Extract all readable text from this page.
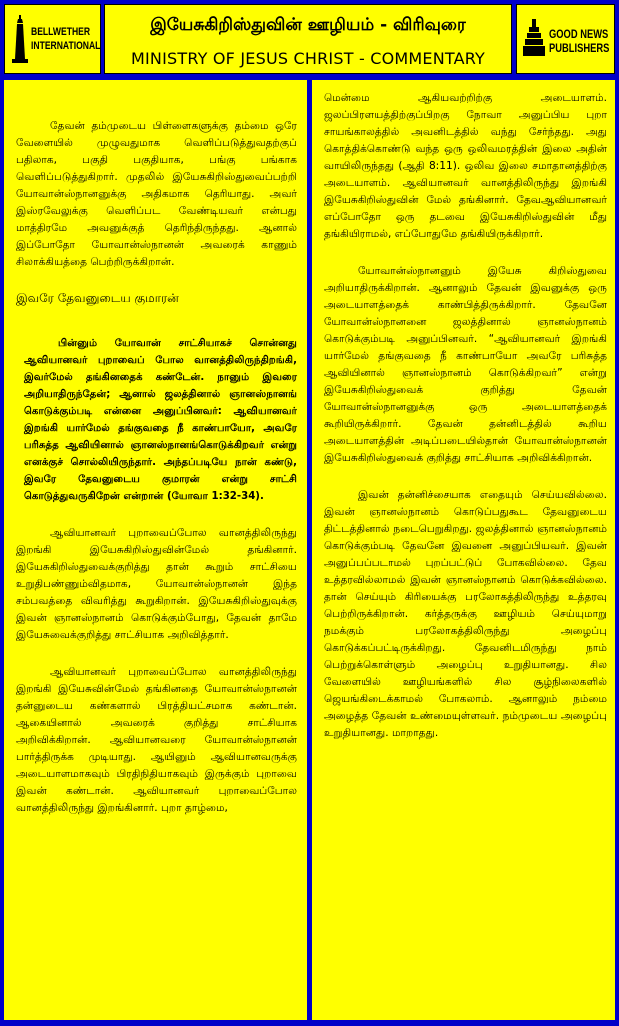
BELLWETHER
INTERNATIONAL
இயேசுகிறிஸ்துவின் ஊழியம் - விரிவுரை
MINISTRY OF JESUS CHRIST - COMMENTARY
GOOD NEWS
PUBLISHERS

தேவன் தம்முடைய பிள்ளைகளுக்கு தம்மை ஒரே வேளையில் முழுவதுமாக வெளிப்படுத்துவதற்குப் பதிலாக, பகுதி பகுதியாக, பங்கு பங்காக வெளிப்படுத்துகிறார். முதலில் இயேசுகிறிஸ்துவைப்பற்றி யோவான்ஸ்நானனுக்கு அதிகமாக தெரியாது. அவர் இஸ்ரவேலுக்கு வெளிப்பட வேண்டியவர் என்பது மாத்திரமே அவனுக்குத் தெரிந்திருந்தது. ஆனால் இப்போதோ யோவான்ஸ்நானன் அவரைக் காணும் சிலாக்கியத்தை பெற்றிருக்கிறான்.

இவரே தேவனுடைய குமாரன்

பின்னும் யோவான் சாட்சியாகச் சொன்னது ஆவியானவர் புறாவைப் போல வானத்திலிருந்திறங்கி, இவர்மேல் தங்கினதைக் கண்டேன். நானும் இவரை அறியாதிருந்தேன்; ஆனால் ஜலத்தினால் ஞானஸ்நானங் கொடுக்கும்படி என்னை அனுப்பினவர்: ஆவியானவர் இறங்கி யார்மேல் தங்குவதை நீ காண்பாயோ, அவரே பரிசுத்த ஆவியினால் ஞானஸ்நானங்கொடுக்கிறவர் என்று எனக்குச் சொல்லியிருந்தார். அந்தப்படியே நான் கண்டு, இவரே தேவனுடைய குமாரன் என்று சாட்சி கொடுத்துவருகிறேன் என்றான் (யோவா 1:32-34).

ஆவியானவர் புறாவைப்போல வானத்திலிருந்து இறங்கி இயேசுகிறிஸ்துவின்மேல் தங்கினார். இயேசுகிறிஸ்துவைக்குறித்து தான் கூறும் சாட்சியை உறுதிபண்ணும்விதமாக, யோவான்ஸ்நானன் இந்த சம்பவத்தை விவரித்து கூறுகிறான். இயேசுகிறிஸ்துவுக்கு இவன் ஞானஸ்நானம் கொடுக்கும்போது, தேவன் தாமே இயேசுவைக்குறித்து சாட்சியாக அறிவித்தார்.

ஆவியானவர் புறாவைப்போல வானத்திலிருந்து இறங்கி இயேசுவின்மேல் தங்கினதை யோவான்ஸ்நானன் தன்னுடைய கண்களால் பிரத்தியட்சமாக கண்டான். ஆகையினால் அவரைக் குறித்து சாட்சியாக அறிவிக்கிறான். ஆவியானவரை யோவான்ஸ்நானன் பார்த்திருக்க முடியாது. ஆயினும் ஆவியானவருக்கு அடையாளமாகவும் பிரதிநிதியாகவும் இருக்கும் புறாவை இவன் கண்டான். ஆவியானவர் புறாவைப்போல வானத்திலிருந்து இறங்கினார். புறா தாழ்மை,

மென்மை ஆகியவற்றிற்கு அடையாளம். ஜலப்பிரளயத்திற்குப்பிறகு நோவா அனுப்பிய புறா சாயங்காலத்தில் அவனிடத்தில் வந்து சேர்ந்தது. அது கொத்திக்கொண்டு வந்த ஒரு ஒலிவமரத்தின் இலை அதின் வாயிலிருந்தது (ஆதி 8:11). ஒலிவ இலை சமாதானத்திற்கு அடையாளம். ஆவியானவர் வானத்திலிருந்து இறங்கி இயேசுகிறிஸ்துவின் மேல் தங்கினார். தேவஆவியானவர் எப்போதோ ஒரு தடவை இயேசுகிறிஸ்துவின் மீது தங்கியிராமல், எப்போதுமே தங்கியிருக்கிறார்.

யோவான்ஸ்நானனும் இயேசு கிறிஸ்துவை அறியாதிருக்கிறான். ஆனாலும் தேவன் இவனுக்கு ஒரு அடையாளத்தைக் காண்பித்திருக்கிறார். தேவனே யோவான்ஸ்நானனை ஜலத்தினால் ஞானஸ்நானம் கொடுக்கும்படி அனுப்பினவர். “ஆவியானவர் இறங்கி யார்மேல் தங்குவதை நீ காண்பாயோ அவரே பரிசுத்த ஆவியினால் ஞானஸ்நானம் கொடுக்கிறவர்” என்று இயேசுகிறிஸ்துவைக் குறித்து தேவன் யோவான்ஸ்நானனுக்கு ஒரு அடையாளத்தைக் கூறியிருக்கிறார். தேவன் தன்னிடத்தில் கூறிய அடையாளத்தின் அடிப்படையில்தான் யோவான்ஸ்நானன் இயேசுகிறிஸ்துவைக் குறித்து சாட்சியாக அறிவிக்கிறான்.

இவன் தன்னிச்சையாக எதையும் செய்யவில்லை. இவன் ஞானஸ்நானம் கொடுப்பதுகூட தேவனுடைய திட்டத்தினால் நடைபெறுகிறது. ஜலத்தினால் ஞானஸ்நானம் கொடுக்கும்படி தேவனே இவனை அனுப்பியவர். இவன் அனுப்பப்படாமல் புறப்பட்டுப் போகவில்லை. தேவ உத்தரவில்லாமல் இவன் ஞானஸ்நானம் கொடுக்கவில்லை. தான் செய்யும் கிரியைக்கு பரலோகத்திலிருந்து உத்தரவு பெற்றிருக்கிறான். கர்த்தருக்கு ஊழியம் செய்யுமாறு நமக்கும் பரலோகத்திலிருந்து அழைப்பு கொடுக்கப்பட்டிருக்கிறது. தேவனிடமிருந்து நாம் பெற்றுக்கொள்ளும் அழைப்பு உறுதியானது. சில வேளையில் ஊழியங்களில் சில சூழ்நிலைகளில் ஜெயங்கிடைக்காமல் போகலாம். ஆனாலும் நம்மை அழைத்த தேவன் உண்மையுள்ளவர். நம்முடைய அழைப்பு உறுதியானது. மாறாதது.
